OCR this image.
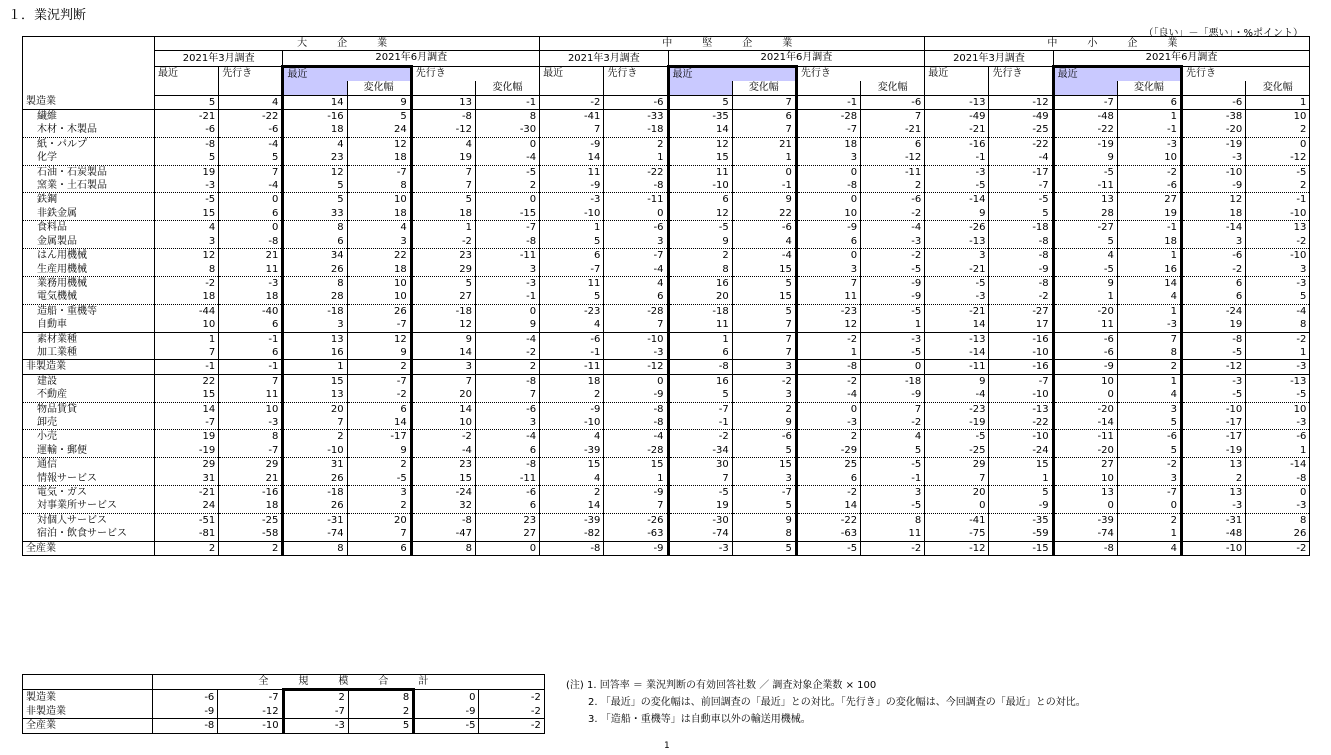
１．業況判断
（「良い」－「悪い」・%ポイント）
	大　企　業						中　堅　企　業						中　小　企　業					
	2021年3月調査		2021年6月調査				2021年3月調査		2021年6月調査				2021年3月調査		2021年6月調査			
	最近	先行き	最近		先行き		最近	先行き	最近		先行き		最近	先行き	最近		先行き	
				変化幅		変化幅				変化幅		変化幅				変化幅		変化幅
製造業	5	4	14	9	13	-1	-2	-6	5	7	-1	-6	-13	-12	-7	6	-6	1
繊維	-21	-22	-16	5	-8	8	-41	-33	-35	6	-28	7	-49	-49	-48	1	-38	10
木材・木製品	-6	-6	18	24	-12	-30	7	-18	14	7	-7	-21	-21	-25	-22	-1	-20	2
紙・パルプ	-8	-4	4	12	4	0	-9	2	12	21	18	6	-16	-22	-19	-3	-19	0
化学	5	5	23	18	19	-4	14	1	15	1	3	-12	-1	-4	9	10	-3	-12
石油・石炭製品	19	7	12	-7	7	-5	11	-22	11	0	0	-11	-3	-17	-5	-2	-10	-5
窯業・土石製品	-3	-4	5	8	7	2	-9	-8	-10	-1	-8	2	-5	-7	-11	-6	-9	2
鉄鋼	-5	0	5	10	5	0	-3	-11	6	9	0	-6	-14	-5	13	27	12	-1
非鉄金属	15	6	33	18	18	-15	-10	0	12	22	10	-2	9	5	28	19	18	-10
食料品	4	0	8	4	1	-7	1	-6	-5	-6	-9	-4	-26	-18	-27	-1	-14	13
金属製品	3	-8	6	3	-2	-8	5	3	9	4	6	-3	-13	-8	5	18	3	-2
はん用機械	12	21	34	22	23	-11	6	-7	2	-4	0	-2	3	-8	4	1	-6	-10
生産用機械	8	11	26	18	29	3	-7	-4	8	15	3	-5	-21	-9	-5	16	-2	3
業務用機械	-2	-3	8	10	5	-3	11	4	16	5	7	-9	-5	-8	9	14	6	-3
電気機械	18	18	28	10	27	-1	5	6	20	15	11	-9	-3	-2	1	4	6	5
造船・重機等	-44	-40	-18	26	-18	0	-23	-28	-18	5	-23	-5	-21	-27	-20	1	-24	-4
自動車	10	6	3	-7	12	9	4	7	11	7	12	1	14	17	11	-3	19	8
素材業種	1	-1	13	12	9	-4	-6	-10	1	7	-2	-3	-13	-16	-6	7	-8	-2
加工業種	7	6	16	9	14	-2	-1	-3	6	7	1	-5	-14	-10	-6	8	-5	1
非製造業	-1	-1	1	2	3	2	-11	-12	-8	3	-8	0	-11	-16	-9	2	-12	-3
建設	22	7	15	-7	7	-8	18	0	16	-2	-2	-18	9	-7	10	1	-3	-13
不動産	15	11	13	-2	20	7	2	-9	5	3	-4	-9	-4	-10	0	4	-5	-5
物品賃貸	14	10	20	6	14	-6	-9	-8	-7	2	0	7	-23	-13	-20	3	-10	10
卸売	-7	-3	7	14	10	3	-10	-8	-1	9	-3	-2	-19	-22	-14	5	-17	-3
小売	19	8	2	-17	-2	-4	4	-4	-2	-6	2	4	-5	-10	-11	-6	-17	-6
運輸・郵便	-19	-7	-10	9	-4	6	-39	-28	-34	5	-29	5	-25	-24	-20	5	-19	1
通信	29	29	31	2	23	-8	15	15	30	15	25	-5	29	15	27	-2	13	-14
情報サービス	31	21	26	-5	15	-11	4	1	7	3	6	-1	7	1	10	3	2	-8
電気・ガス	-21	-16	-18	3	-24	-6	2	-9	-5	-7	-2	3	20	5	13	-7	13	0
対事業所サービス	24	18	26	2	32	6	14	7	19	5	14	-5	0	-9	0	0	-3	-3
対個人サービス	-51	-25	-31	20	-8	23	-39	-26	-30	9	-22	8	-41	-35	-39	2	-31	8
宿泊・飲食サービス	-81	-58	-74	7	-47	27	-82	-63	-74	8	-63	11	-75	-59	-74	1	-48	26
全産業	2	2	8	6	8	0	-8	-9	-3	5	-5	-2	-12	-15	-8	4	-10	-2
	全　規　模　合　計					
製造業	-6	-7	2	8	0	-2
非製造業	-9	-12	-7	2	-9	-2
全産業	-8	-10	-3	5	-5	-2
(注) 1. 回答率 ＝ 業況判断の有効回答社数 ／ 調査対象企業数 × 100
2. 「最近」の変化幅は、前回調査の「最近」との対比。「先行き」の変化幅は、今回調査の「最近」との対比。
3. 「造船・重機等」は自動車以外の輸送用機械。
1
